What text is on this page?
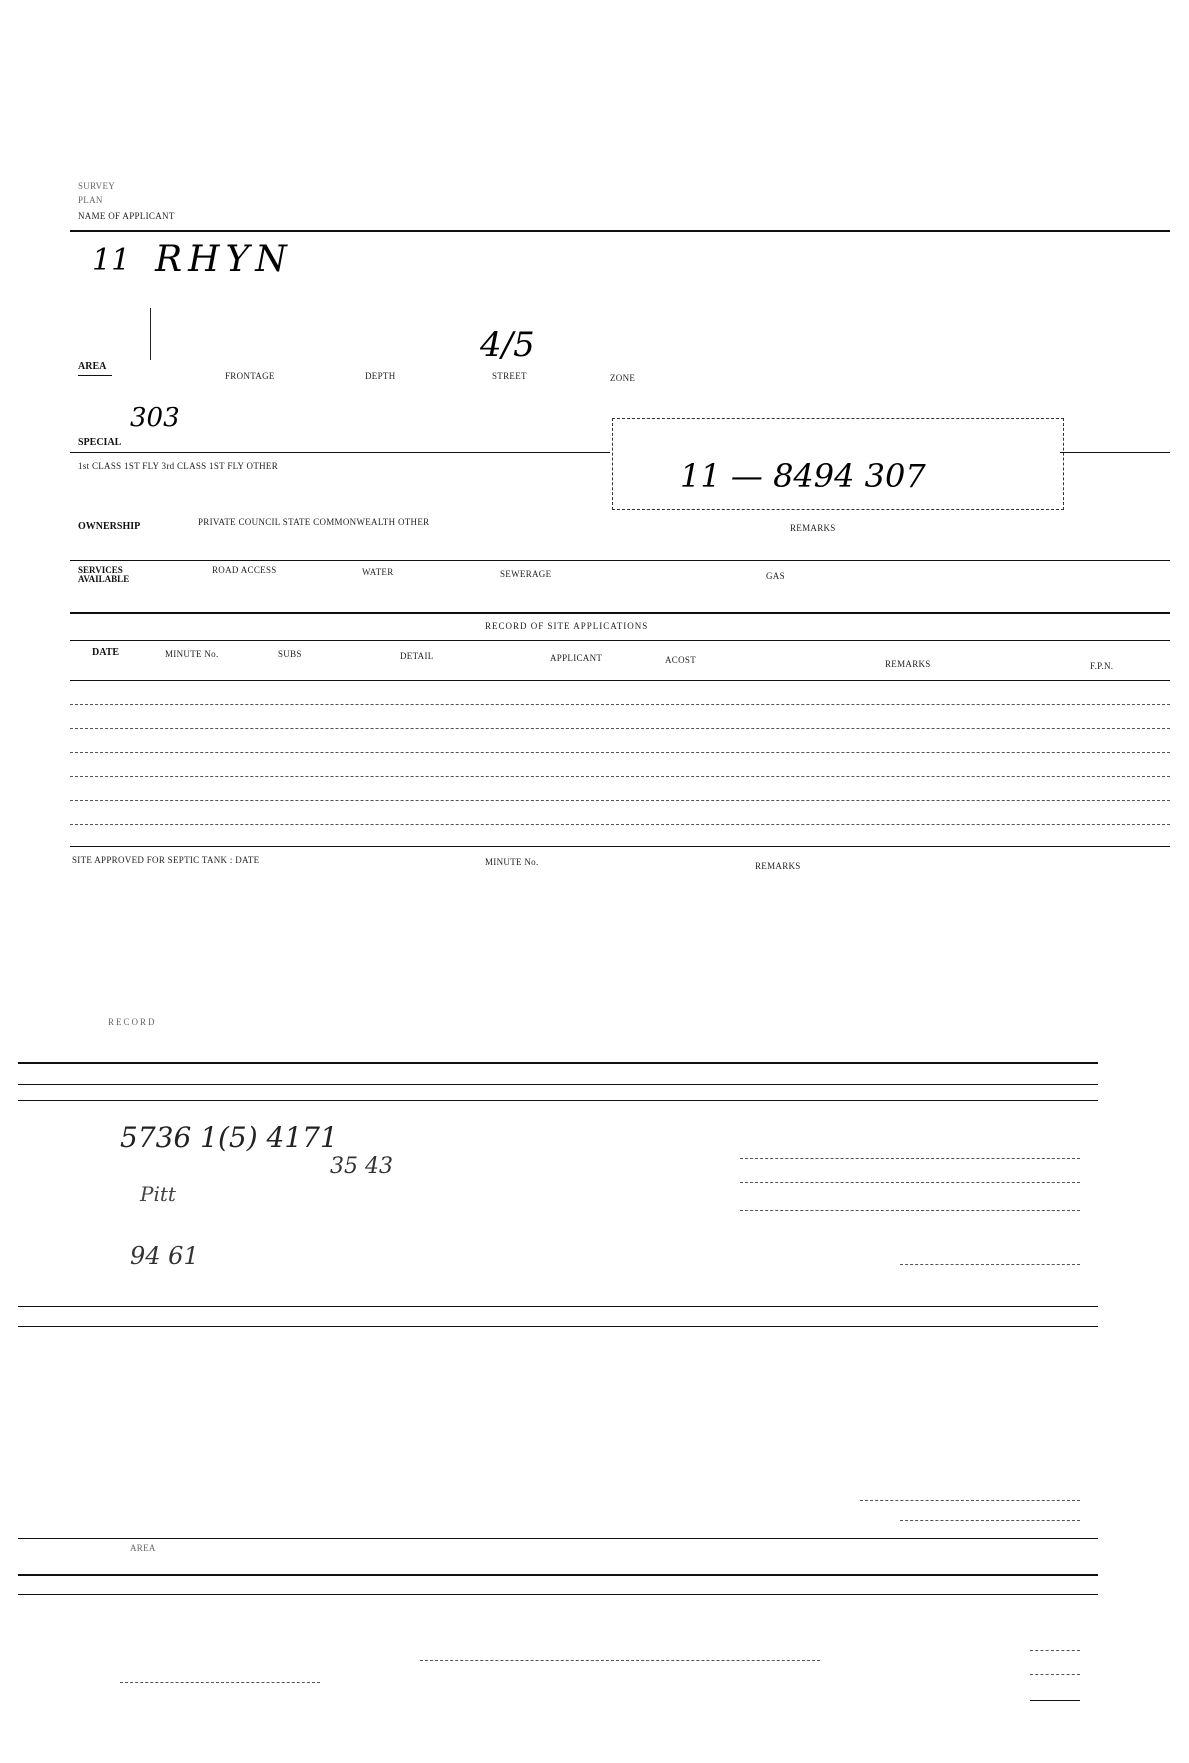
SURVEY
PLAN
NAME OF APPLICANT
11 RHYN
4/5
AREA
FRONTAGE	DEPTH	STREET	ZONE
303
11 — 8494 307
SPECIAL
1st CLASS 1ST FLY 3rd CLASS 1ST FLY OTHER
OWNERSHIP	PRIVATE COUNCIL STATE COMMONWEALTH OTHER
REMARKS
SERVICES AVAILABLE
ROAD ACCESS	WATER	SEWERAGE	GAS
RECORD OF SITE APPLICATIONS
DATE	MINUTE No.	SUBS	DETAIL	APPLICANT	ACOST	REMARKS	F.P.N.
SITE APPROVED FOR SEPTIC TANK : DATE	MINUTE No.	REMARKS
RECORD
5736 1(5) 4171
35 43
Pitt
94 61
AREA
